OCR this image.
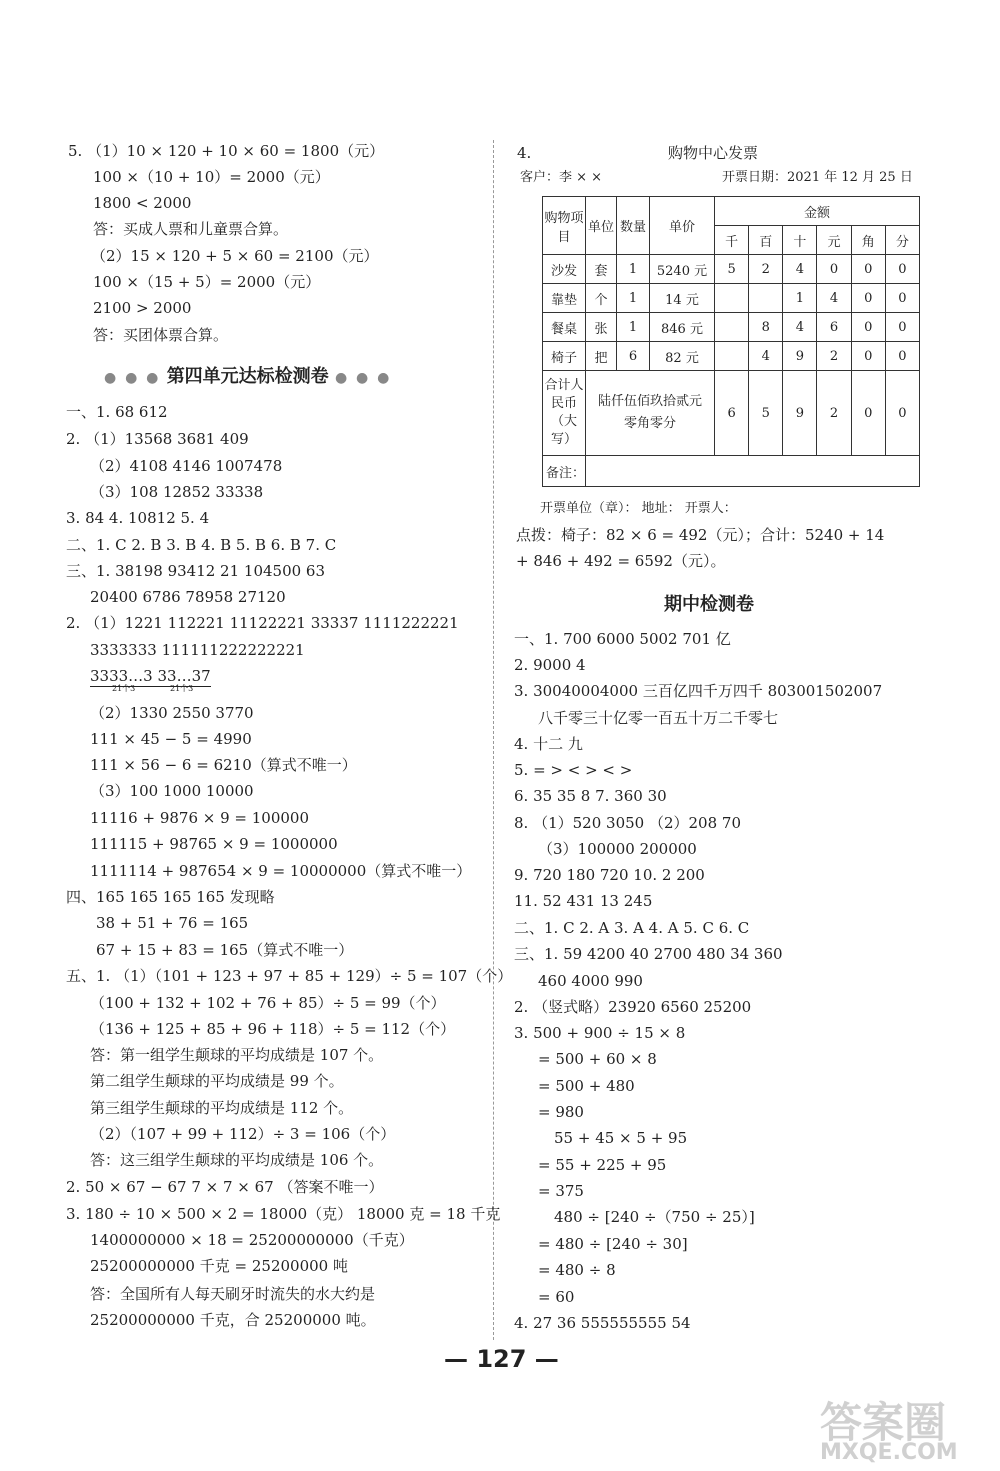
5. （1）10 × 120 + 10 × 60 = 1800（元）
100 ×（10 + 10）= 2000（元）
1800 < 2000
答：买成人票和儿童票合算。
（2）15 × 120 + 5 × 60 = 2100（元）
100 ×（15 + 5）= 2000（元）
2100 > 2000
答：买团体票合算。
● ● ● 第四单元达标检测卷 ● ● ●
一、1. 68 612
2. （1）13568 3681 409
（2）4108 4146 1007478
（3）108 12852 33338
3. 84 4. 10812 5. 4
二、1. C 2. B 3. B 4. B 5. B 6. B 7. C
三、1. 38198 93412 21 104500 63
20400 6786 78958 27120
2. （1）1221 112221 11122221 33337 1111222221
3333333 111111222222221
3333…3 33…37
21个3	21个3
（2）1330 2550 3770
111 × 45 − 5 = 4990
111 × 56 − 6 = 6210（算式不唯一）
（3）100 1000 10000
11116 + 9876 × 9 = 100000
111115 + 98765 × 9 = 1000000
1111114 + 987654 × 9 = 10000000（算式不唯一）
四、165 165 165 165 发现略
38 + 51 + 76 = 165
67 + 15 + 83 = 165（算式不唯一）
五、1. （1）（101 + 123 + 97 + 85 + 129）÷ 5 = 107（个）
（100 + 132 + 102 + 76 + 85）÷ 5 = 99（个）
（136 + 125 + 85 + 96 + 118）÷ 5 = 112（个）
答：第一组学生颠球的平均成绩是 107 个。
第二组学生颠球的平均成绩是 99 个。
第三组学生颠球的平均成绩是 112 个。
（2）（107 + 99 + 112）÷ 3 = 106（个）
答：这三组学生颠球的平均成绩是 106 个。
2. 50 × 67 − 67 7 × 7 × 67 （答案不唯一）
3. 180 ÷ 10 × 500 × 2 = 18000（克） 18000 克 = 18 千克
1400000000 × 18 = 25200000000（千克）
25200000000 千克 = 25200000 吨
答：全国所有人每天刷牙时流失的水大约是
25200000000 千克，合 25200000 吨。
4.	购物中心发票
客户：李 × ×	开票日期：2021 年 12 月 25 日
购物项目	单位	数量	单价	金额					
				千	百	十	元	角	分
沙发	套	1	5240 元	5	2	4	0	0	0
靠垫	个	1	14 元			1	4	0	0
餐桌	张	1	846 元		8	4	6	0	0
椅子	把	6	82 元		4	9	2	0	0
合计人民币（大写）	陆仟伍佰玖拾贰元零角零分			6	5	9	2	0	0
备注：									
开票单位（章）： 地址： 开票人：
点拨：椅子：82 × 6 = 492（元）；合计：5240 + 14
+ 846 + 492 = 6592（元）。
期中检测卷
一、1. 700 6000 5002 701 亿
2. 9000 4
3. 30040004000 三百亿四千万四千 803001502007
八千零三十亿零一百五十万二千零七
4. 十二 九
5. = > < > < >
6. 35 35 8 7. 360 30
8. （1）520 3050 （2）208 70
（3）100000 200000
9. 720 180 720 10. 2 200
11. 52 431 13 245
二、1. C 2. A 3. A 4. A 5. C 6. C
三、1. 59 4200 40 2700 480 34 360
460 4000 990
2. （竖式略）23920 6560 25200
3. 500 + 900 ÷ 15 × 8
= 500 + 60 × 8
= 500 + 480
= 980
55 + 45 × 5 + 95
= 55 + 225 + 95
= 375
480 ÷ [240 ÷（750 ÷ 25）]
= 480 ÷ [240 ÷ 30]
= 480 ÷ 8
= 60
4. 27 36 555555555 54
— 127 —
答案圈
MXQE.COM
